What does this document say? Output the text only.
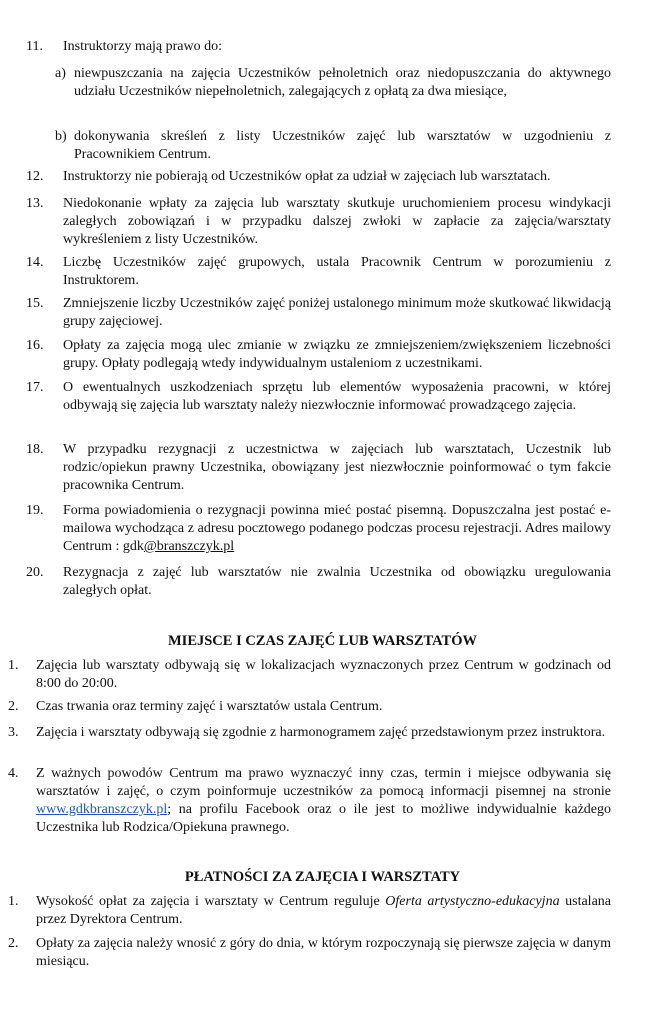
11. Instruktorzy mają prawo do:
a) niewpuszczania na zajęcia Uczestników pełnoletnich oraz niedopuszczania do aktywnego udziału Uczestników niepełnoletnich, zalegających z opłatą za dwa miesiące,
b) dokonywania skreśleń z listy Uczestników zajęć lub warsztatów w uzgodnieniu z Pracownikiem Centrum.
12. Instruktorzy nie pobierają od Uczestników opłat za udział w zajęciach lub warsztatach.
13. Niedokonanie wpłaty za zajęcia lub warsztaty skutkuje uruchomieniem procesu windykacji zaległych zobowiązań i w przypadku dalszej zwłoki w zapłacie za zajęcia/warsztaty wykreśleniem z listy Uczestników.
14. Liczbę Uczestników zajęć grupowych, ustala Pracownik Centrum w porozumieniu z Instruktorem.
15. Zmniejszenie liczby Uczestników zajęć poniżej ustalonego minimum może skutkować likwidacją grupy zajęciowej.
16. Opłaty za zajęcia mogą ulec zmianie w związku ze zmniejszeniem/zwiększeniem liczebności grupy. Opłaty podlegają wtedy indywidualnym ustaleniom z uczestnikami.
17. O ewentualnych uszkodzeniach sprzętu lub elementów wyposażenia pracowni, w której odbywają się zajęcia lub warsztaty należy niezwłocznie informować prowadzącego zajęcia.
18. W przypadku rezygnacji z uczestnictwa w zajęciach lub warsztatach, Uczestnik lub rodzic/opiekun prawny Uczestnika, obowiązany jest niezwłocznie poinformować o tym fakcie pracownika Centrum.
19. Forma powiadomienia o rezygnacji powinna mieć postać pisemną. Dopuszczalna jest postać e-mailowa wychodząca z adresu pocztowego podanego podczas procesu rejestracji. Adres mailowy Centrum : gdk@branszczyk.pl
20. Rezygnacja z zajęć lub warsztatów nie zwalnia Uczestnika od obowiązku uregulowania zaległych opłat.
MIEJSCE I CZAS ZAJĘĆ LUB WARSZTATÓW
1. Zajęcia lub warsztaty odbywają się w lokalizacjach wyznaczonych przez Centrum w godzinach od 8:00 do 20:00.
2. Czas trwania oraz terminy zajęć i warsztatów ustala Centrum.
3. Zajęcia i warsztaty odbywają się zgodnie z harmonogramem zajęć przedstawionym przez instruktora.
4. Z ważnych powodów Centrum ma prawo wyznaczyć inny czas, termin i miejsce odbywania się warsztatów i zajęć, o czym poinformuje uczestników za pomocą informacji pisemnej na stronie www.gdkbranszczyk.pl; na profilu Facebook oraz o ile jest to możliwe indywidualnie każdego Uczestnika lub Rodzica/Opiekuna prawnego.
PŁATNOŚCI ZA ZAJĘCIA I WARSZTATY
1. Wysokość opłat za zajęcia i warsztaty w Centrum reguluje Oferta artystyczno-edukacyjna ustalana przez Dyrektora Centrum.
2. Opłaty za zajęcia należy wnosić z góry do dnia, w którym rozpoczynają się pierwsze zajęcia w danym miesiącu.
